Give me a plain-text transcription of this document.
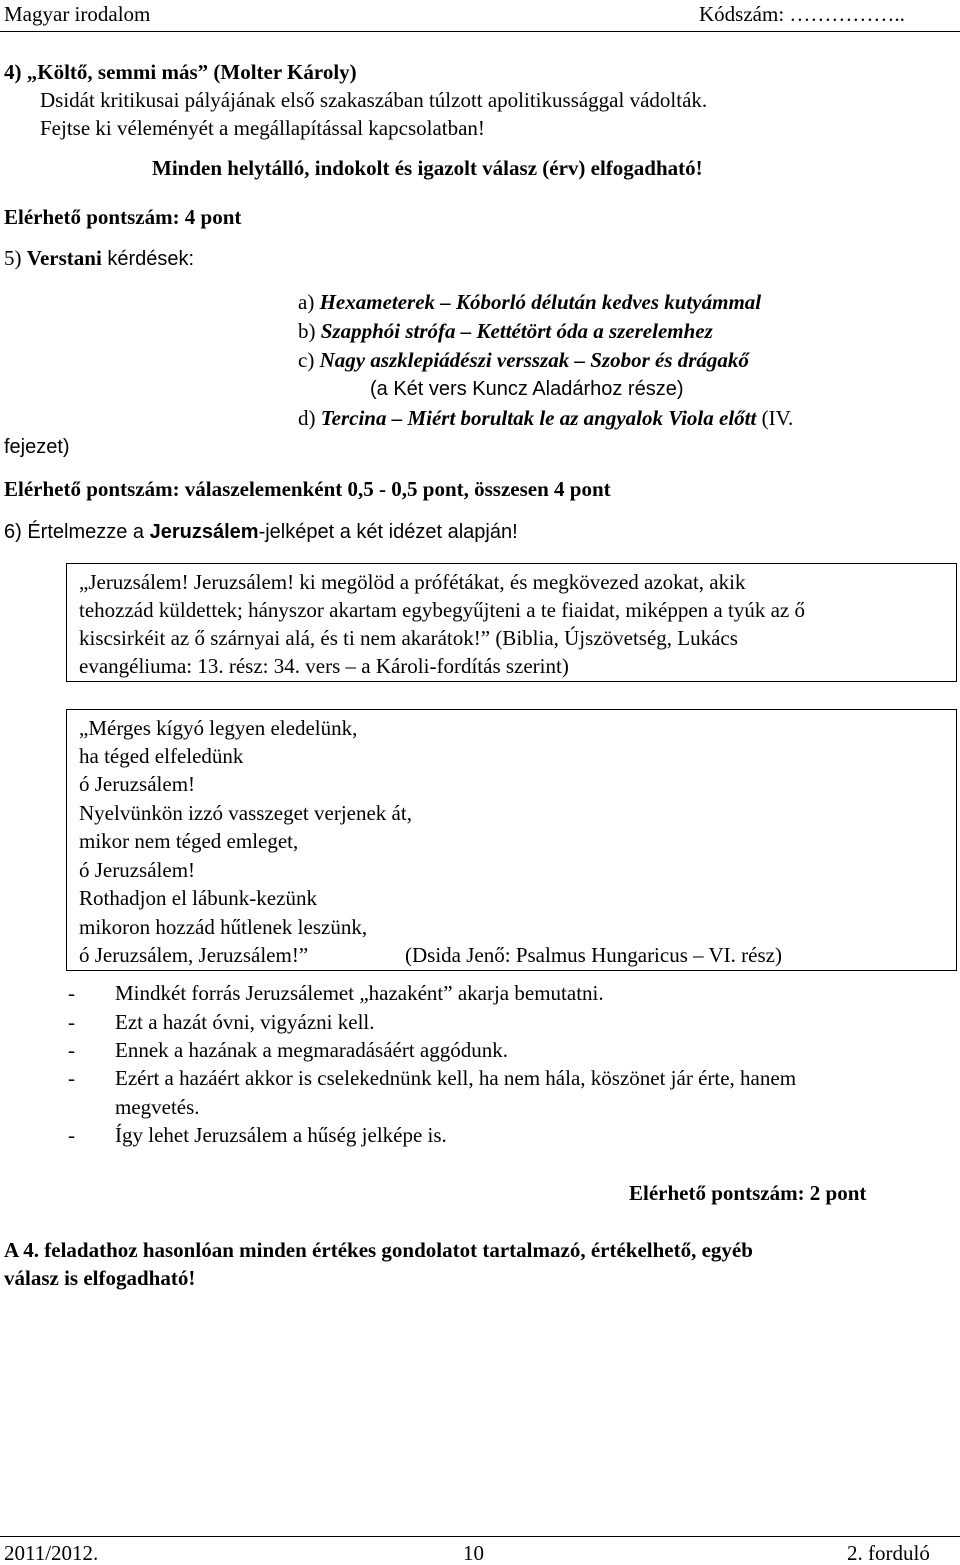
Magyar irodalom	Kódszám: ……………..
4) „Költő, semmi más” (Molter Károly)
Dsidát kritikusai pályájának első szakaszában túlzott apolitikussággal vádolták.
Fejtse ki véleményét a megállapítással kapcsolatban!
Minden helytálló, indokolt és igazolt válasz (érv) elfogadható!
Elérhető pontszám: 4 pont
5) Verstani kérdések:
a) Hexameterek – Kóborló délután kedves kutyámmal
b) Szapphói strófa – Kettétört óda a szerelemhez
c) Nagy aszklepiádészi versszak – Szobor és drágakő
(a Két vers Kuncz Aladárhoz része)
d) Tercina – Miért borultak le az angyalok Viola előtt (IV.
fejezet)
Elérhető pontszám: válaszelemenként 0,5 - 0,5 pont, összesen 4 pont
6) Értelmezze a Jeruzsálem-jelképet a két idézet alapján!
„Jeruzsálem! Jeruzsálem! ki megölöd a prófétákat, és megkövezed azokat, akik
tehozzád küldettek; hányszor akartam egybegyűjteni a te fiaidat, miképpen a tyúk az ő
kiscsirkéit az ő szárnyai alá, és ti nem akarátok!” (Biblia, Újszövetség, Lukács
evangéliuma: 13. rész: 34. vers – a Károli-fordítás szerint)
„Mérges kígyó legyen eledelünk,
ha téged elfeledünk
ó Jeruzsálem!
Nyelvünkön izzó vasszeget verjenek át,
mikor nem téged emleget,
ó Jeruzsálem!
Rothadjon el lábunk-kezünk
mikoron hozzád hűtlenek leszünk,
ó Jeruzsálem, Jeruzsálem!”	(Dsida Jenő: Psalmus Hungaricus – VI. rész)
- Mindkét forrás Jeruzsálemet „hazaként” akarja bemutatni.
- Ezt a hazát óvni, vigyázni kell.
- Ennek a hazának a megmaradásáért aggódunk.
- Ezért a hazáért akkor is cselekednünk kell, ha nem hála, köszönet jár érte, hanem
megvetés.
- Így lehet Jeruzsálem a hűség jelképe is.
Elérhető pontszám: 2 pont
A 4. feladathoz hasonlóan minden értékes gondolatot tartalmazó, értékelhető, egyéb
válasz is elfogadható!
2011/2012.	10	2. forduló
